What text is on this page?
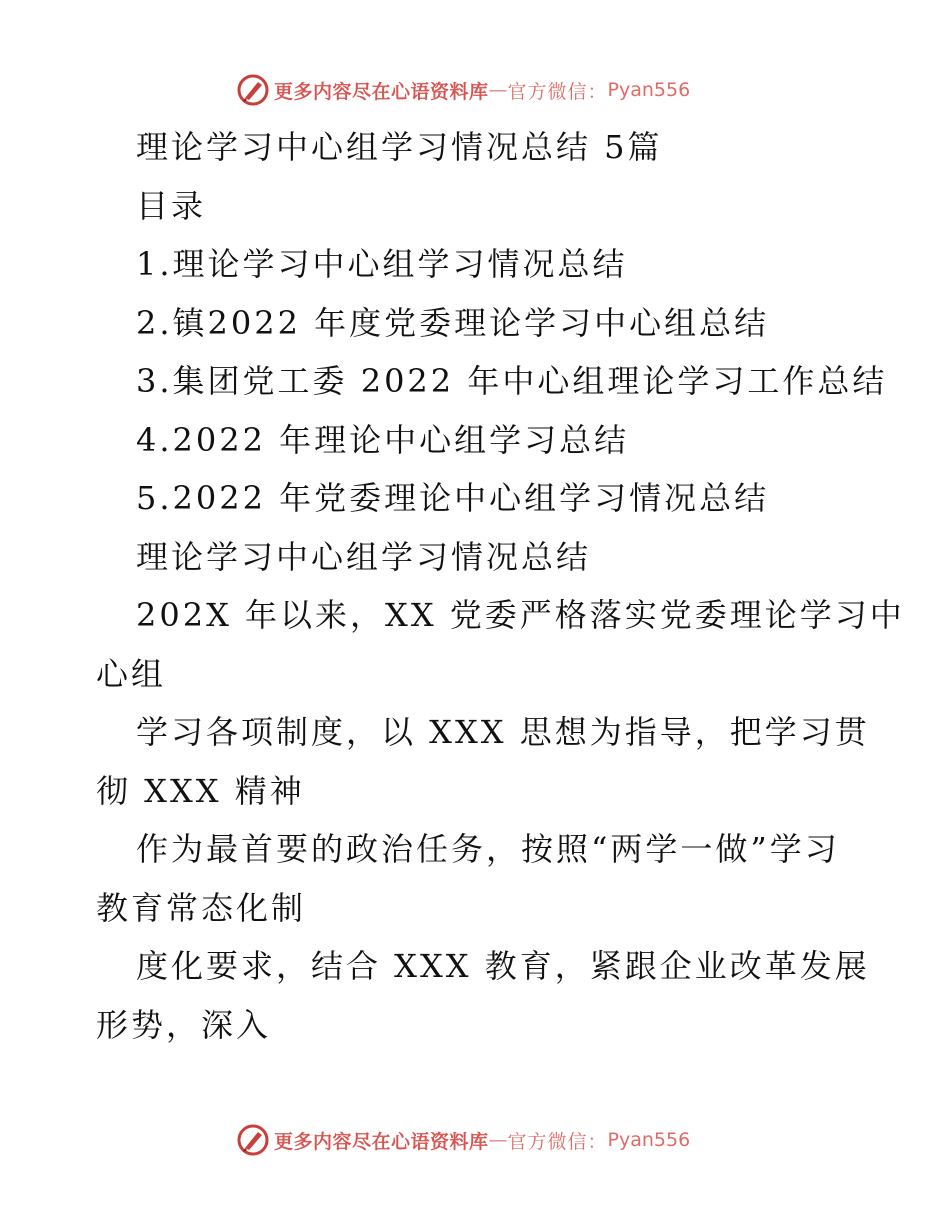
更多内容尽在心语资料库 — 官方微信： Pyan556
理论学习中心组学习情况总结 5篇
目录
1.理论学习中心组学习情况总结
2.镇2022 年度党委理论学习中心组总结
3.集团党工委 2022 年中心组理论学习工作总结
4.2022 年理论中心组学习总结
5.2022 年党委理论中心组学习情况总结
理论学习中心组学习情况总结
202X 年以来，XX 党委严格落实党委理论学习中
心组
学习各项制度，以 XXX 思想为指导，把学习贯
彻 XXX 精神
作为最首要的政治任务，按照“两学一做”学习
教育常态化制
度化要求，结合 XXX 教育，紧跟企业改革发展
形势，深入
更多内容尽在心语资料库 — 官方微信： Pyan556
